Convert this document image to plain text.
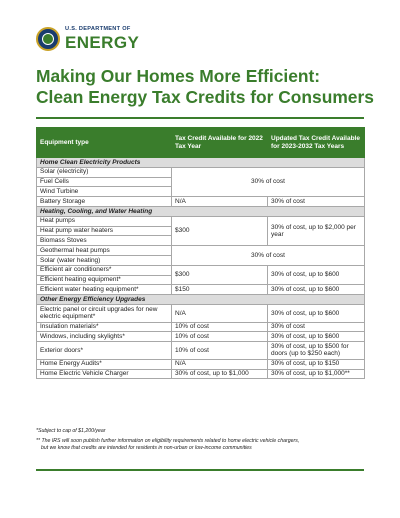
U.S. DEPARTMENT OF
ENERGY
Making Our Homes More Efficient:
Clean Energy Tax Credits for Consumers
Equipment type	Tax Credit Available for 2022 Tax Year	Updated Tax Credit Available for 2023-2032 Tax Years
Home Clean Electricity Products		
Solar (electricity)	30% of cost	
Fuel Cells		
Wind Turbine		
Battery Storage	N/A	30% of cost
Heating, Cooling, and Water Heating		
Heat pumps	$300	30% of cost, up to $2,000 per year
Heat pump water heaters		
Biomass Stoves		
Geothermal heat pumps	30% of cost	
Solar (water heating)		
Efficient air conditioners*	$300	30% of cost, up to $600
Efficient heating equipment*		
Efficient water heating equipment*	$150	30% of cost, up to $600
Other Energy Efficiency Upgrades		
Electric panel or circuit upgrades for new electric equipment*	N/A	30% of cost, up to $600
Insulation materials*	10% of cost	30% of cost
Windows, including skylights*	10% of cost	30% of cost, up to $600
Exterior doors*	10% of cost	30% of cost, up to $500 for doors (up to $250 each)
Home Energy Audits*	N/A	30% of cost, up to $150
Home Electric Vehicle Charger	30% of cost, up to $1,000	30% of cost, up to $1,000**
*Subject to cap of $1,200/year
** The IRS will soon publish further information on eligibility requirements related to home electric vehicle chargers,
but we know that credits are intended for residents in non-urban or low-income communities
